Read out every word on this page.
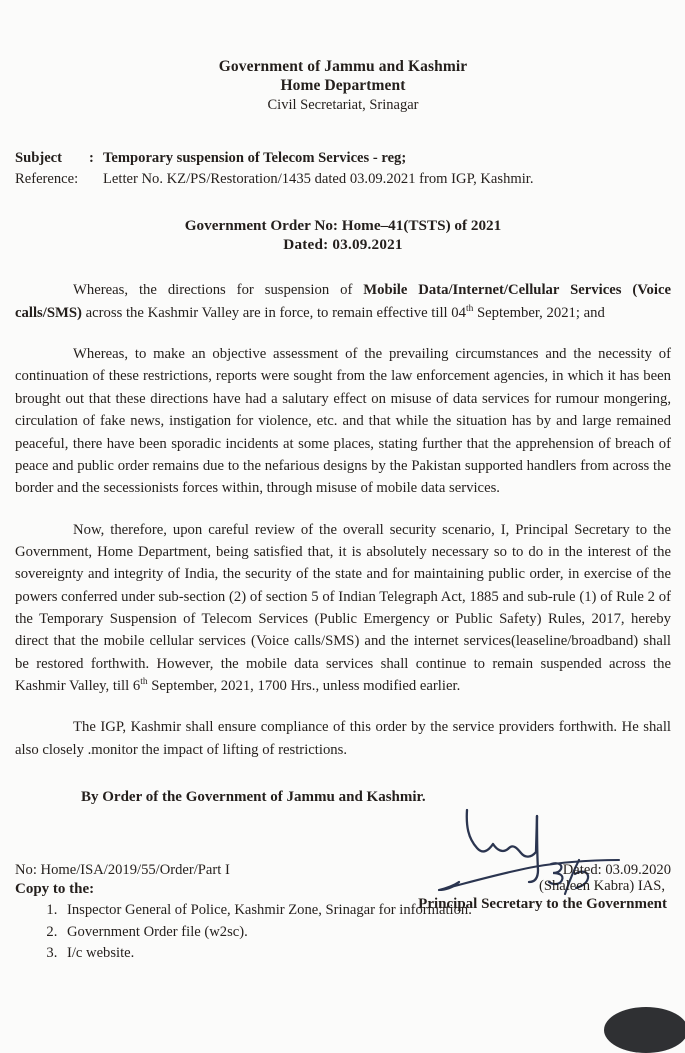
Government of Jammu and Kashmir
Home Department
Civil Secretariat, Srinagar
Subject	: Temporary suspension of Telecom Services - reg;
Reference:	Letter No. KZ/PS/Restoration/1435 dated 03.09.2021 from IGP, Kashmir.
Government Order No: Home–41(TSTS) of 2021
Dated: 03.09.2021

Whereas, the directions for suspension of Mobile Data/Internet/Cellular Services (Voice calls/SMS) across the Kashmir Valley are in force, to remain effective till 04th September, 2021; and

Whereas, to make an objective assessment of the prevailing circumstances and the necessity of continuation of these restrictions, reports were sought from the law enforcement agencies, in which it has been brought out that these directions have had a salutary effect on misuse of data services for rumour mongering, circulation of fake news, instigation for violence, etc. and that while the situation has by and large remained peaceful, there have been sporadic incidents at some places, stating further that the apprehension of breach of peace and public order remains due to the nefarious designs by the Pakistan supported handlers from across the border and the secessionists forces within, through misuse of mobile data services.

Now, therefore, upon careful review of the overall security scenario, I, Principal Secretary to the Government, Home Department, being satisfied that, it is absolutely necessary so to do in the interest of the sovereignty and integrity of India, the security of the state and for maintaining public order, in exercise of the powers conferred under sub-section (2) of section 5 of Indian Telegraph Act, 1885 and sub-rule (1) of Rule 2 of the Temporary Suspension of Telecom Services (Public Emergency or Public Safety) Rules, 2017, hereby direct that the mobile cellular services (Voice calls/SMS) and the internet services(leaseline/broadband) shall be restored forthwith. However, the mobile data services shall continue to remain suspended across the Kashmir Valley, till 6th September, 2021, 1700 Hrs., unless modified earlier.

The IGP, Kashmir shall ensure compliance of this order by the service providers forthwith. He shall also closely .monitor the impact of lifting of restrictions.

By Order of the Government of Jammu and Kashmir.
(Shaleen Kabra) IAS,
Principal Secretary to the Government
No: Home/ISA/2019/55/Order/Part I	Dated: 03.09.2020
Copy to the:
1. Inspector General of Police, Kashmir Zone, Srinagar for information.
2. Government Order file (w2sc).
3. I/c website.
